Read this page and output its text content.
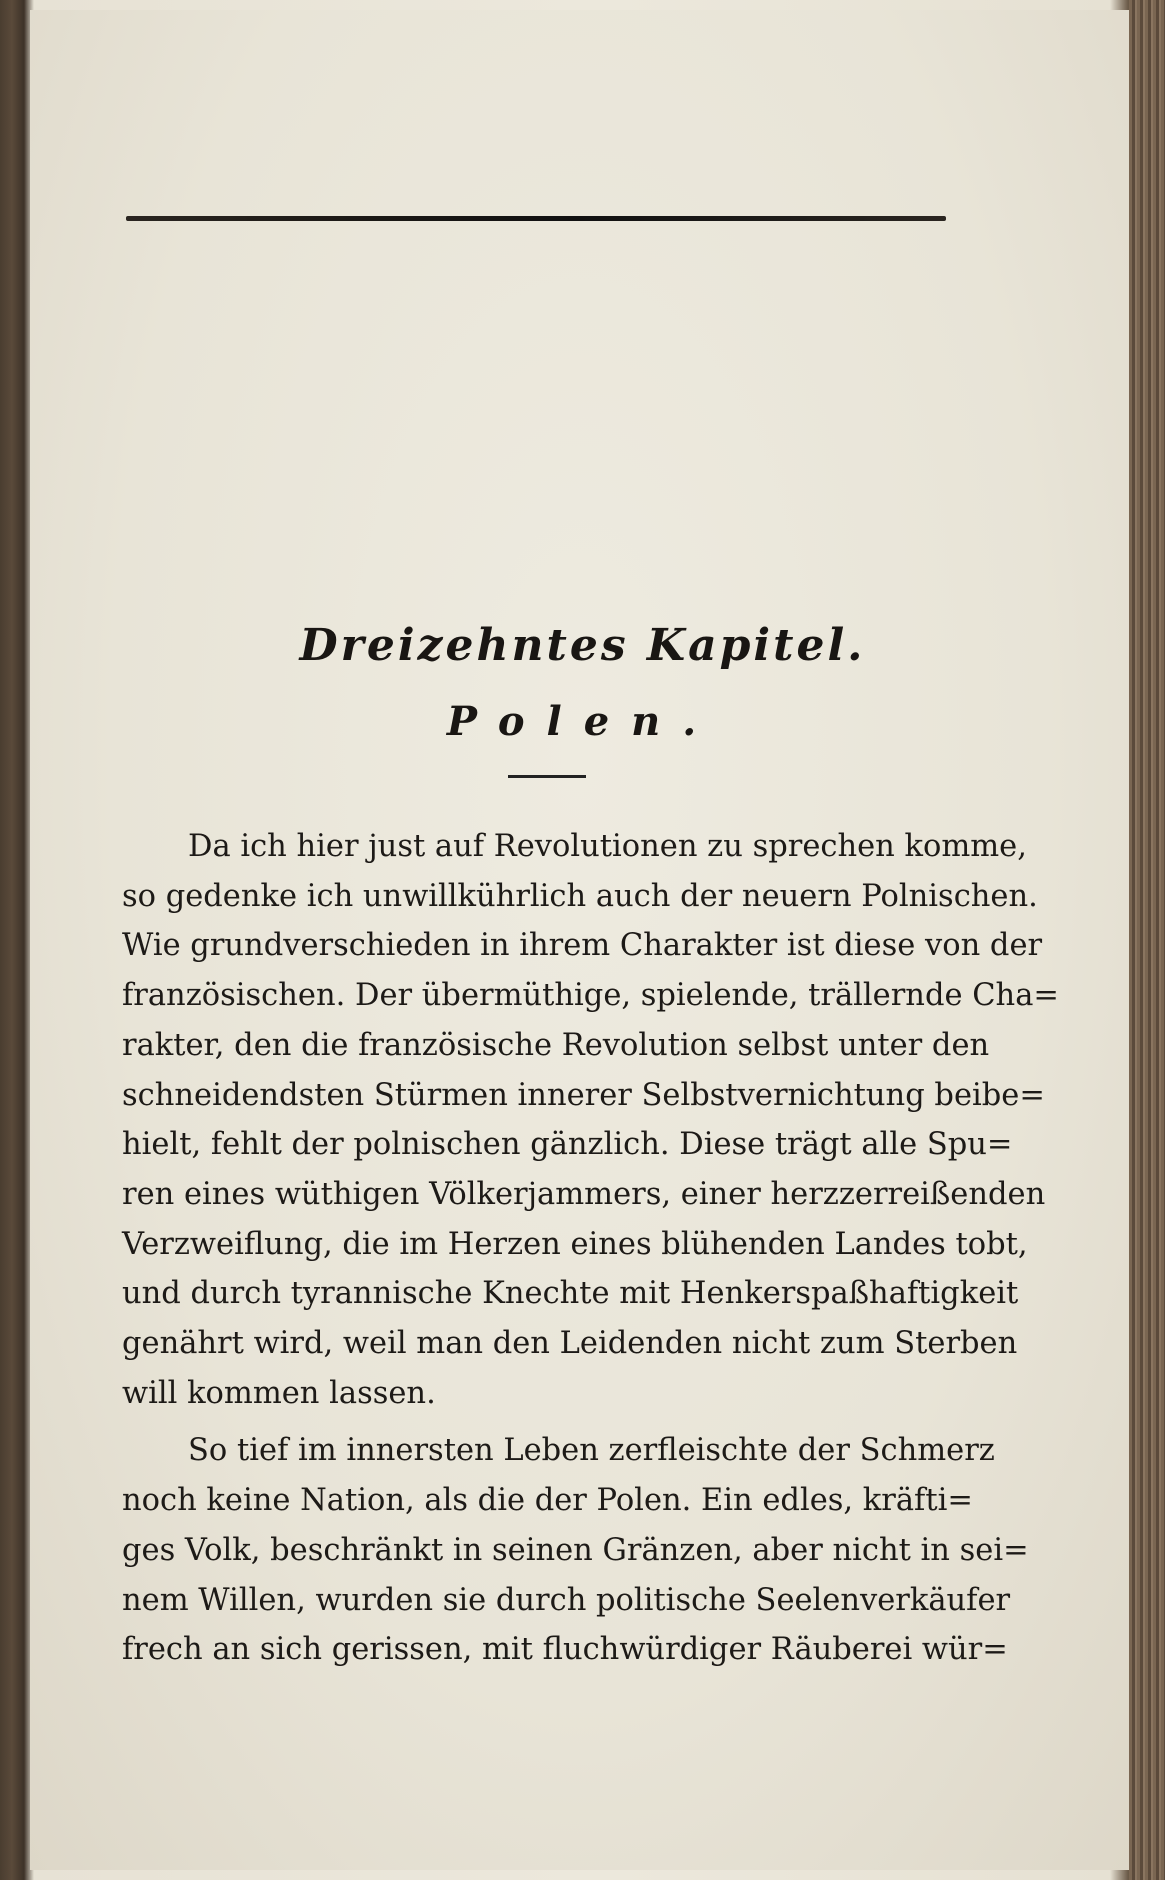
Dreizehntes Kapitel.
Polen.
Da ich hier just auf Revolutionen zu sprechen komme,
so gedenke ich unwillkührlich auch der neuern Polnischen.
Wie grundverschieden in ihrem Charakter ist diese von der
französischen. Der übermüthige, spielende, trällernde Cha=
rakter, den die französische Revolution selbst unter den
schneidendsten Stürmen innerer Selbstvernichtung beibe=
hielt, fehlt der polnischen gänzlich. Diese trägt alle Spu=
ren eines wüthigen Völkerjammers, einer herzzerreißenden
Verzweiflung, die im Herzen eines blühenden Landes tobt,
und durch tyrannische Knechte mit Henkerspaßhaftigkeit
genährt wird, weil man den Leidenden nicht zum Sterben
will kommen lassen.
So tief im innersten Leben zerfleischte der Schmerz
noch keine Nation, als die der Polen. Ein edles, kräfti=
ges Volk, beschränkt in seinen Gränzen, aber nicht in sei=
nem Willen, wurden sie durch politische Seelenverkäufer
frech an sich gerissen, mit fluchwürdiger Räuberei wür=
